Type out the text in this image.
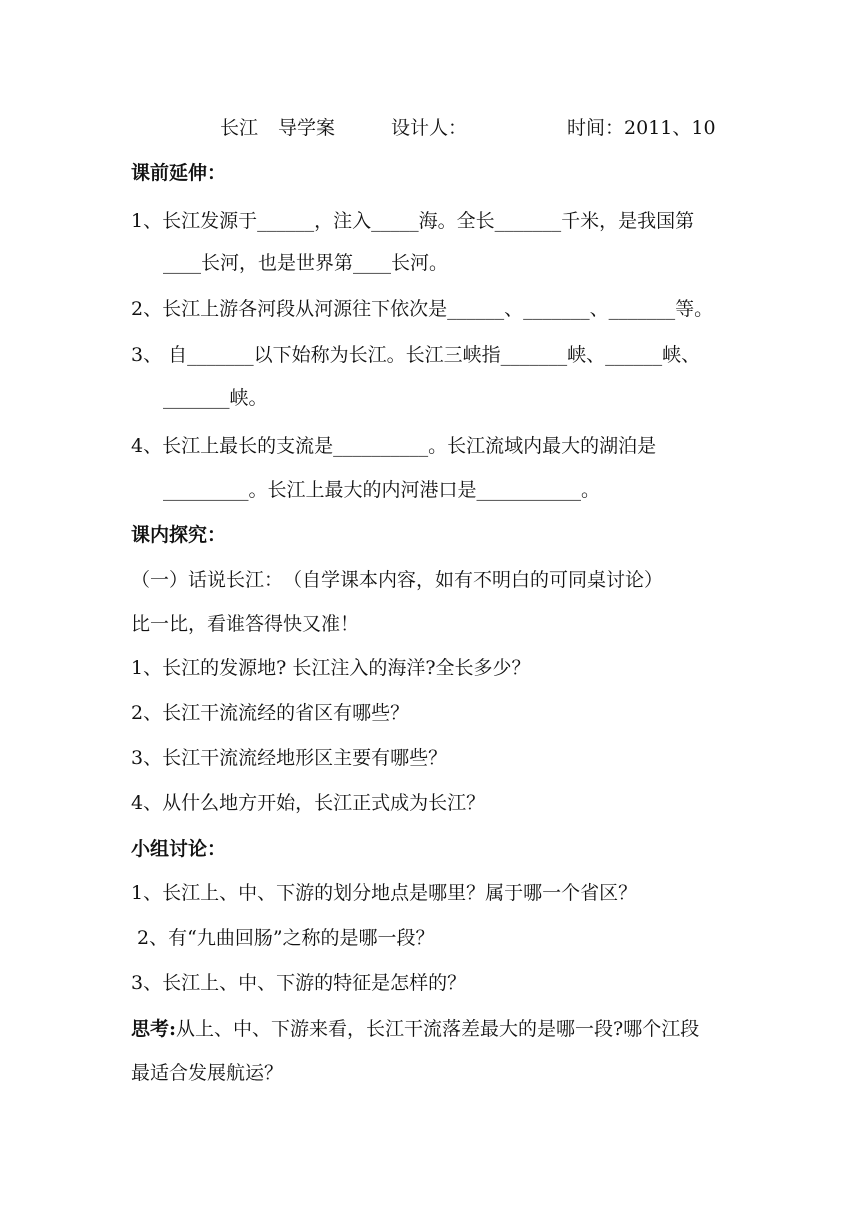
长江 导学案	设计人：	时间：2011、10
课前延伸：
1、长江发源于______，注入_____海。全长_______千米，是我国第
____长河，也是世界第____长河。
2、长江上游各河段从河源往下依次是______、_______、_______等。
3、 自_______以下始称为长江。长江三峡指_______峡、______峡、
_______峡。
4、长江上最长的支流是__________。长江流域内最大的湖泊是
_________。长江上最大的内河港口是___________。
课内探究：
（一）话说长江：　（自学课本内容，如有不明白的可同桌讨论）
比一比，看谁答得快又准！
1、长江的发源地? 长江注入的海洋?全长多少？
2、长江干流流经的省区有哪些？
3、长江干流流经地形区主要有哪些？
4、从什么地方开始，长江正式成为长江？
小组讨论：
1、长江上、中、下游的划分地点是哪里？属于哪一个省区？
2、有“九曲回肠”之称的是哪一段？
3、长江上、中、下游的特征是怎样的？
思考:从上、中、下游来看，长江干流落差最大的是哪一段?哪个江段
最适合发展航运？
